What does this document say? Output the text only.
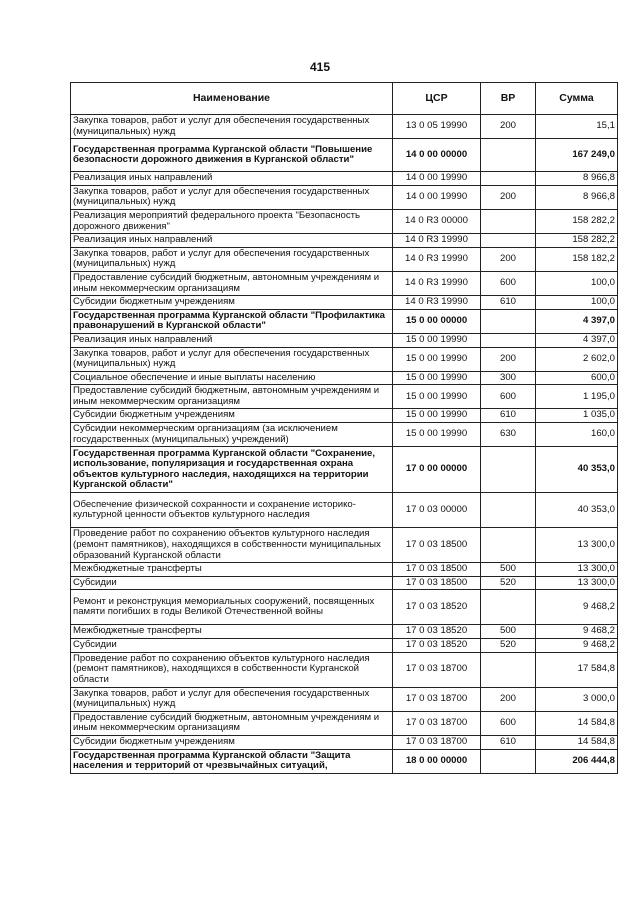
415
Наименование	ЦСР	ВР	Сумма
Закупка товаров, работ и услуг для обеспечения государственных (муниципальных) нужд	13 0 05 19990	200	15,1
Государственная программа Курганской области "Повышение безопасности дорожного движения в Курганской области"	14 0 00 00000		167 249,0
Реализация иных направлений	14 0 00 19990		8 966,8
Закупка товаров, работ и услуг для обеспечения государственных (муниципальных) нужд	14 0 00 19990	200	8 966,8
Реализация мероприятий федерального проекта "Безопасность дорожного движения"	14 0 R3 00000		158 282,2
Реализация иных направлений	14 0 R3 19990		158 282,2
Закупка товаров, работ и услуг для обеспечения государственных (муниципальных) нужд	14 0 R3 19990	200	158 182,2
Предоставление субсидий бюджетным, автономным учреждениям и иным некоммерческим организациям	14 0 R3 19990	600	100,0
Субсидии бюджетным учреждениям	14 0 R3 19990	610	100,0
Государственная программа Курганской области "Профилактика правонарушений в Курганской области"	15 0 00 00000		4 397,0
Реализация иных направлений	15 0 00 19990		4 397,0
Закупка товаров, работ и услуг для обеспечения государственных (муниципальных) нужд	15 0 00 19990	200	2 602,0
Социальное обеспечение и иные выплаты населению	15 0 00 19990	300	600,0
Предоставление субсидий бюджетным, автономным учреждениям и иным некоммерческим организациям	15 0 00 19990	600	1 195,0
Субсидии бюджетным учреждениям	15 0 00 19990	610	1 035,0
Субсидии некоммерческим организациям (за исключением государственных (муниципальных) учреждений)	15 0 00 19990	630	160,0
Государственная программа Курганской области "Сохранение, использование, популяризация и государственная охрана объектов культурного наследия, находящихся на территории Курганской области"	17 0 00 00000		40 353,0
Обеспечение физической сохранности и сохранение историко-культурной ценности объектов культурного наследия	17 0 03 00000		40 353,0
Проведение работ по сохранению объектов культурного наследия (ремонт памятников), находящихся в собственности муниципальных образований Курганской области	17 0 03 18500		13 300,0
Межбюджетные трансферты	17 0 03 18500	500	13 300,0
Субсидии	17 0 03 18500	520	13 300,0
Ремонт и реконструкция мемориальных сооружений, посвященных памяти погибших в годы Великой Отечественной войны	17 0 03 18520		9 468,2
Межбюджетные трансферты	17 0 03 18520	500	9 468,2
Субсидии	17 0 03 18520	520	9 468,2
Проведение работ по сохранению объектов культурного наследия (ремонт памятников), находящихся в собственности Курганской области	17 0 03 18700		17 584,8
Закупка товаров, работ и услуг для обеспечения государственных (муниципальных) нужд	17 0 03 18700	200	3 000,0
Предоставление субсидий бюджетным, автономным учреждениям и иным некоммерческим организациям	17 0 03 18700	600	14 584,8
Субсидии бюджетным учреждениям	17 0 03 18700	610	14 584,8
Государственная программа Курганской области "Защита населения и территорий от чрезвычайных ситуаций,	18 0 00 00000		206 444,8
